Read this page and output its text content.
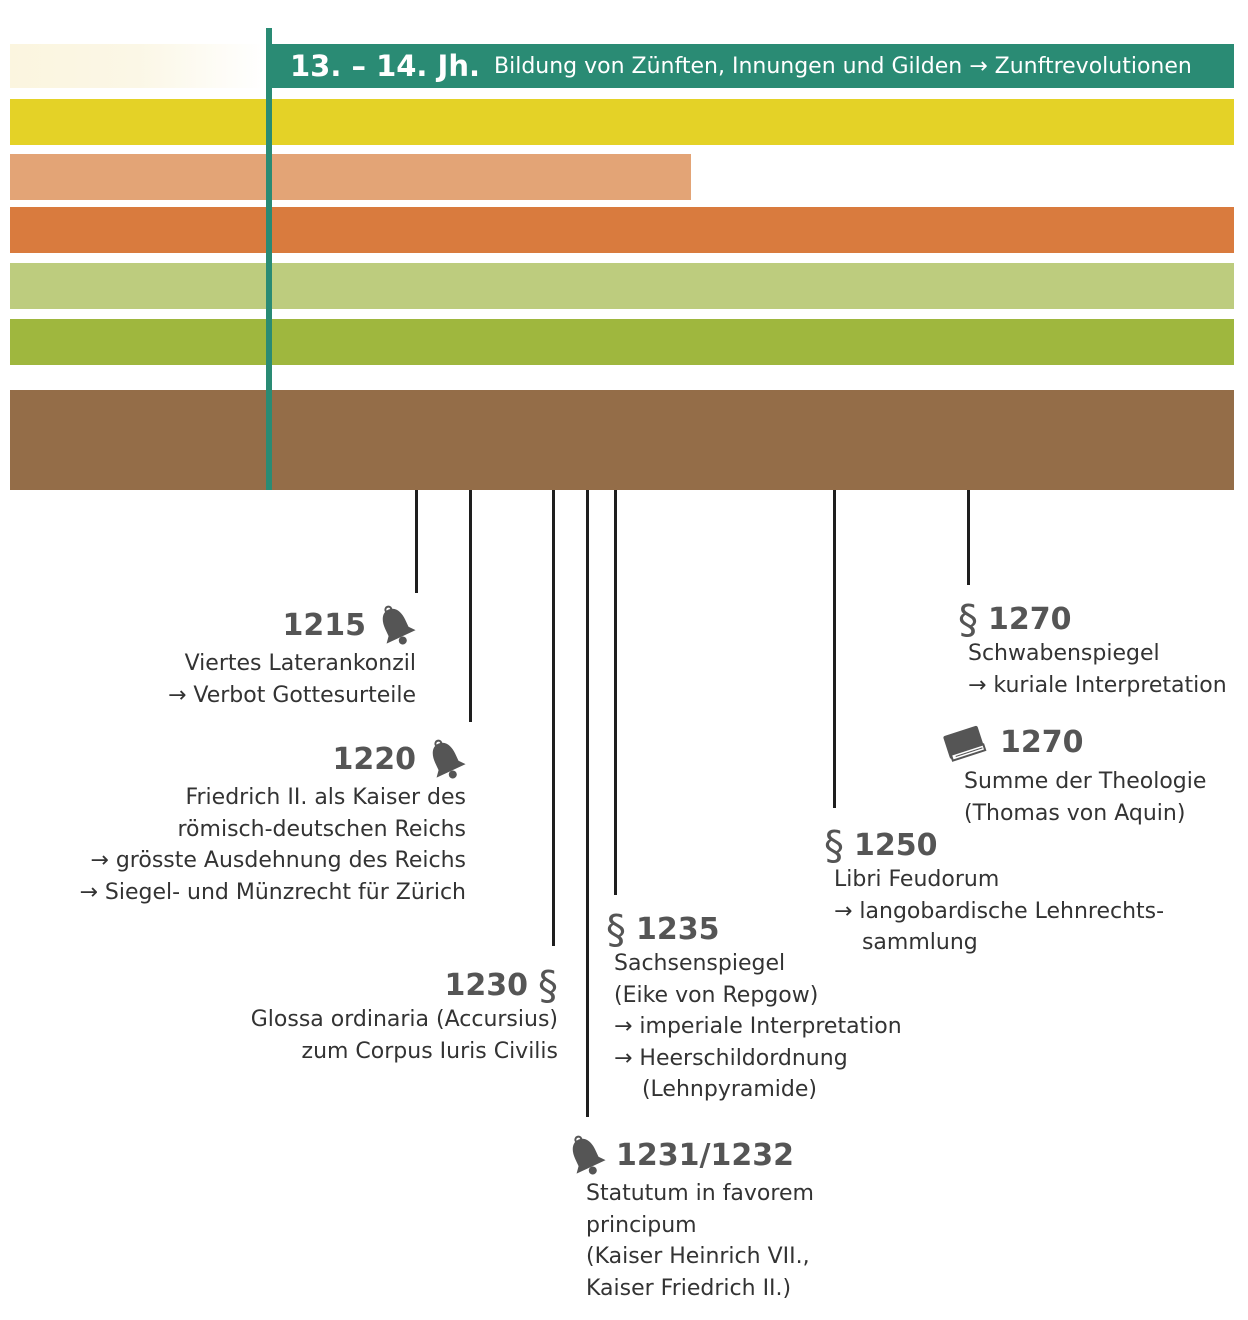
13. – 14. Jh. Bildung von Zünften, Innungen und Gilden → Zunftrevolutionen
1215
Viertes Laterankonzil
→ Verbot Gottesurteile
1220
Friedrich II. als Kaiser des
römisch-deutschen Reichs
→ grösste Ausdehnung des Reichs
→ Siegel- und Münzrecht für Zürich
1230 §
Glossa ordinaria (Accursius)
zum Corpus Iuris Civilis
1231/1232
Statutum in favorem
principum
(Kaiser Heinrich VII.,
Kaiser Friedrich II.)
§ 1235
Sachsenspiegel
(Eike von Repgow)
→ imperiale Interpretation
→ Heerschildordnung
(Lehnpyramide)
§ 1250
Libri Feudorum
→ langobardische Lehnrechts-
sammlung
§ 1270
Schwabenspiegel
→ kuriale Interpretation
1270
Summe der Theologie
(Thomas von Aquin)
